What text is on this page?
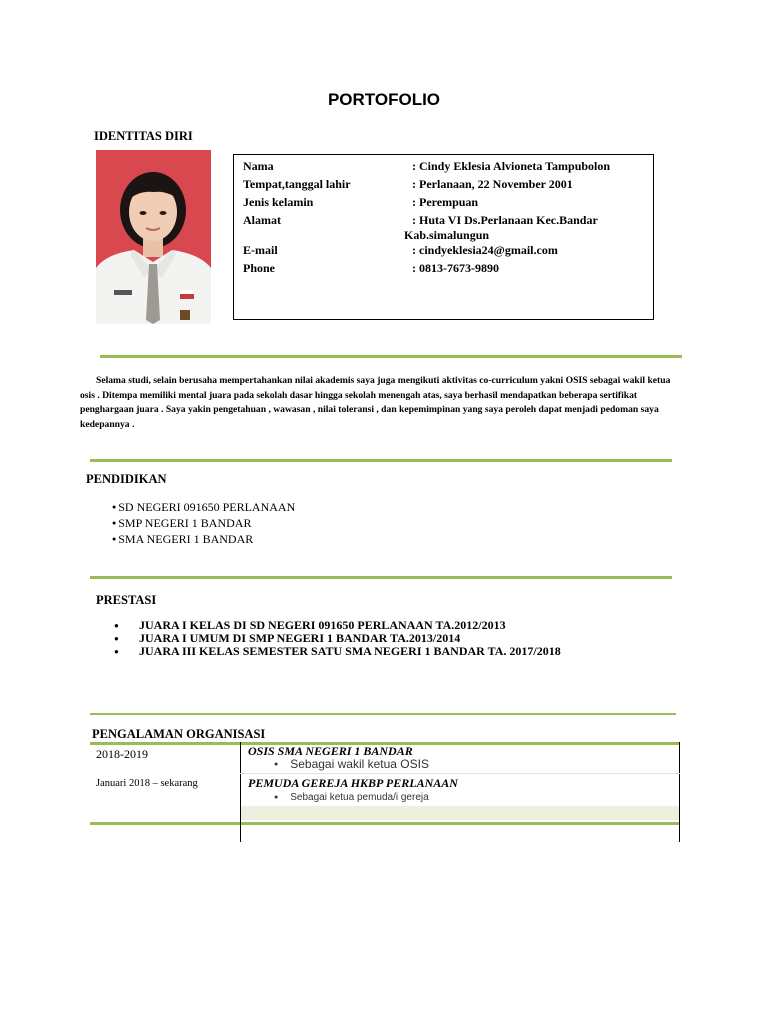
PORTOFOLIO
IDENTITAS DIRI
Nama	: Cindy Eklesia Alvioneta Tampubolon
Tempat,tanggal lahir	: Perlanaan, 22 November 2001
Jenis kelamin	: Perempuan
Alamat	: Huta VI Ds.Perlanaan Kec.Bandar
Kab.simalungun
E-mail	: cindyeklesia24@gmail.com
Phone	: 0813-7673-9890
Selama studi, selain berusaha mempertahankan nilai akademis saya juga mengikuti aktivitas co-curriculum yakni OSIS sebagai wakil ketua osis . Ditempa memiliki mental juara pada sekolah dasar hingga sekolah menengah atas, saya berhasil mendapatkan beberapa sertifikat penghargaan juara . Saya yakin pengetahuan , wawasan , nilai toleransi , dan kepemimpinan yang saya peroleh dapat menjadi pedoman saya kedepannya .
PENDIDIKAN
● SD NEGERI 091650 PERLANAAN
● SMP NEGERI 1 BANDAR
● SMA NEGERI 1 BANDAR
PRESTASI
● JUARA I KELAS DI SD NEGERI 091650 PERLANAAN TA.2012/2013
● JUARA I UMUM DI SMP NEGERI 1 BANDAR TA.2013/2014
● JUARA III KELAS SEMESTER SATU SMA NEGERI 1 BANDAR TA. 2017/2018
PENGALAMAN ORGANISASI
2018-2019	OSIS SMA NEGERI 1 BANDAR
● Sebagai wakil ketua OSIS
Januari 2018 – sekarang	PEMUDA GEREJA HKBP PERLANAAN
● Sebagai ketua pemuda/i gereja
